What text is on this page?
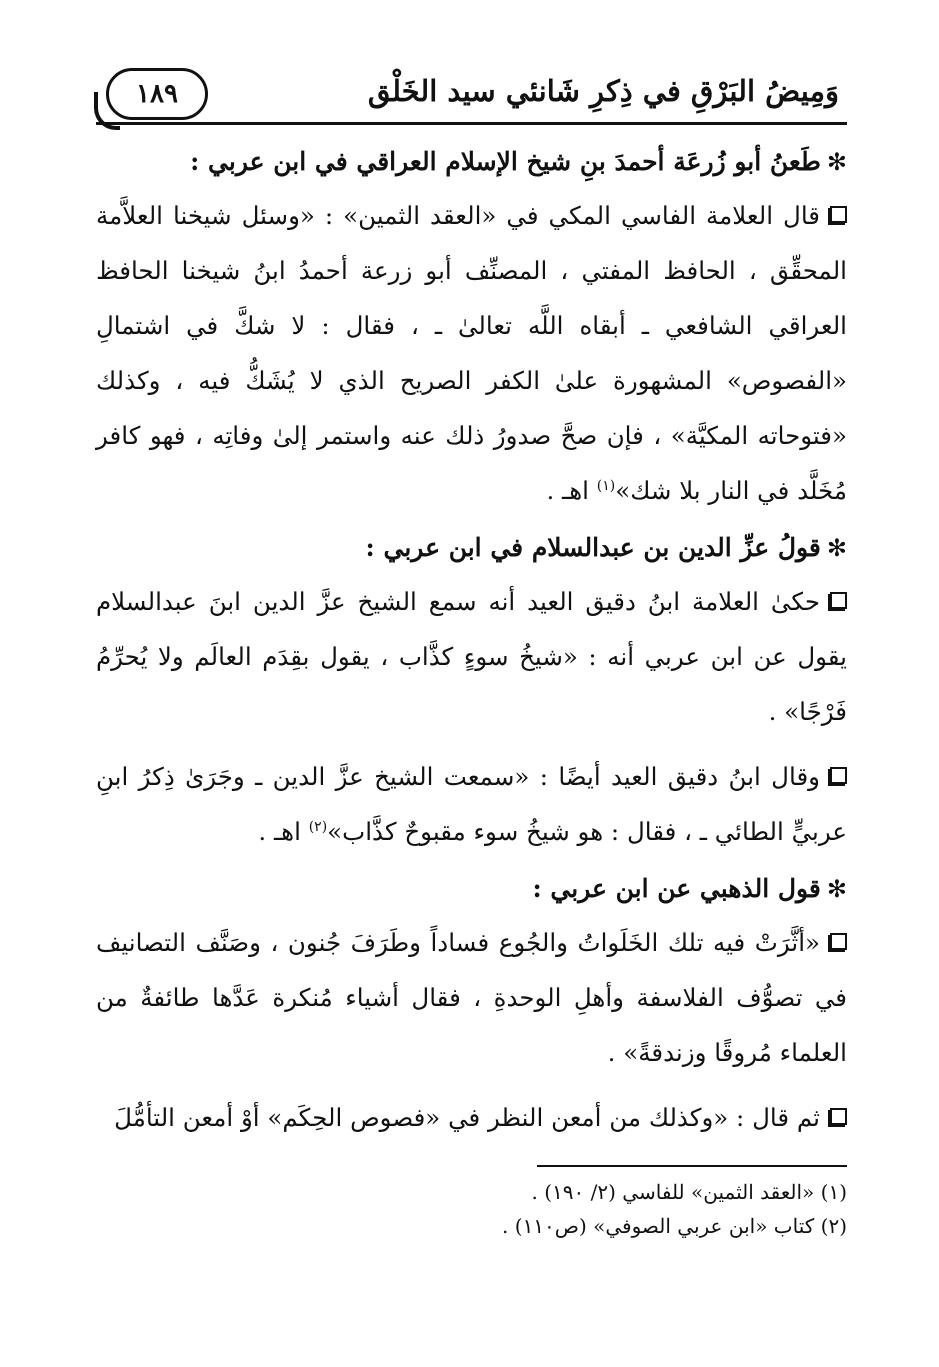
وَمِيضُ البَرْقِ في ذِكرِ شَانئي سيد الخَلْق
١٨٩
✻طَعنُ أبو زُرعَة أحمدَ بنِ شيخ الإسلام العراقي في ابن عربي :

قال العلامة الفاسي المكي في «العقد الثمين» : «وسئل شيخنا العلاَّمة المحقِّق ، الحافظ المفتي ، المصنِّف أبو زرعة أحمدُ ابنُ شيخنا الحافظ العراقي الشافعي ـ أبقاه اللَّه تعالىٰ ـ ، فقال : لا شكَّ في اشتمالِ «الفصوص» المشهورة علىٰ الكفر الصريح الذي لا يُشَكُّ فيه ، وكذلك «فتوحاته المكيَّة» ، فإن صحَّ صدورُ ذلك عنه واستمر إلىٰ وفاتِه ، فهو كافر مُخَلَّد في النار بلا شك»$^{(١)}$ اهـ .

✻قولُ عزِّ الدين بن عبدالسلام في ابن عربي :

حكىٰ العلامة ابنُ دقيق العيد أنه سمع الشيخ عزَّ الدين ابنَ عبدالسلام يقول عن ابن عربي أنه : «شيخُ سوءٍ كذَّاب ، يقول بقِدَم العالَم ولا يُحرِّمُ فَرْجًا» .

وقال ابنُ دقيق العيد أيضًا : «سمعت الشيخ عزَّ الدين ـ وجَرَىٰ ذِكرُ ابنِ عربيٍّ الطائي ـ ، فقال : هو شيخُ سوء مقبوحٌ كذَّاب»$^{(٢)}$ اهـ .

✻قول الذهبي عن ابن عربي :

«أثَّرَتْ فيه تلك الخَلَواتُ والجُوع فساداً وطَرَفَ جُنون ، وصَنَّف التصانيف في تصوُّف الفلاسفة وأهلِ الوحدةِ ، فقال أشياء مُنكرة عَدَّها طائفةٌ من العلماء مُروقًا وزندقةً» .

ثم قال : «وكذلك من أمعن النظر في «فصوص الحِكَم» أوْ أمعن التأمُّلَ

(١) «العقد الثمين» للفاسي (٢/ ١٩٠) .
(٢) كتاب «ابن عربي الصوفي» (ص١١٠) .
